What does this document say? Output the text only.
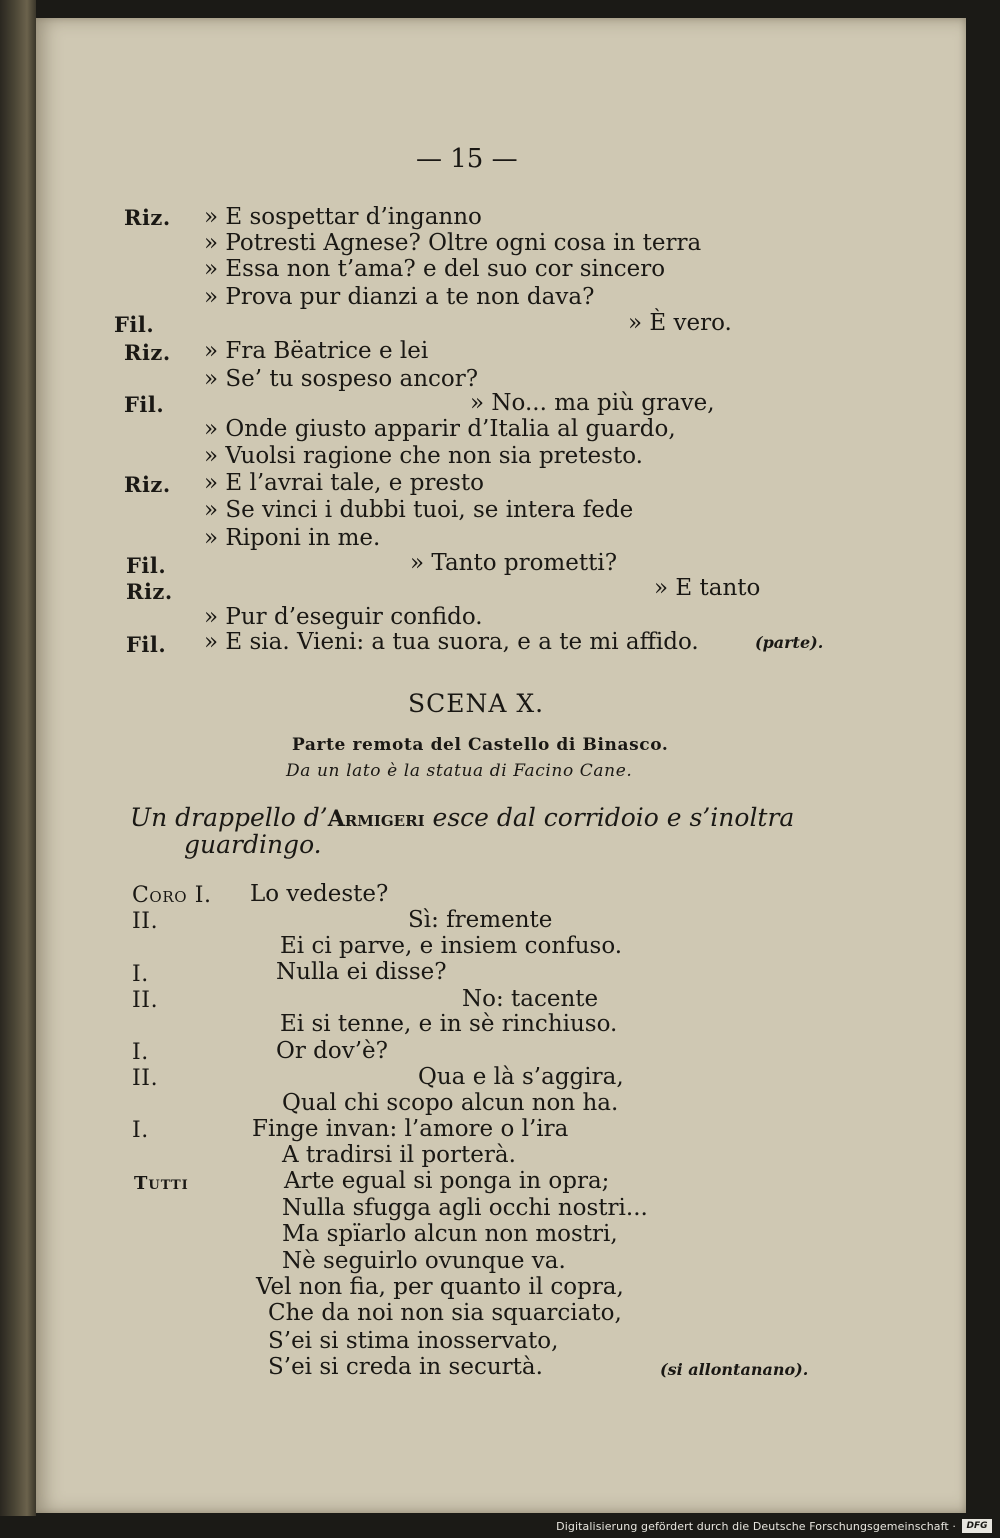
— 15 —
Riz. » E sospettar d’inganno
» Potresti Agnese? Oltre ogni cosa in terra
» Essa non t’ama? e del suo cor sincero
» Prova pur dianzi a te non dava?
Fil.	» È vero.
Riz. » Fra Bëatrice e lei
» Se’ tu sospeso ancor?
Fil.	» No... ma più grave,
» Onde giusto apparir d’Italia al guardo,
» Vuolsi ragione che non sia pretesto.
Riz. » E l’avrai tale, e presto
» Se vinci i dubbi tuoi, se intera fede
» Riponi in me.
Fil.	» Tanto prometti?
Riz.	» E tanto
» Pur d’eseguir confido.
Fil. » E sia. Vieni: a tua suora, e a te mi affido.	(parte).
SCENA X.
Parte remota del Castello di Binasco.
Da un lato è la statua di Facino Cane.
Un drappello d’Armigeri esce dal corridoio e s’inoltra
guardingo.
Coro I. Lo vedeste?
II.	Sì: fremente
Ei ci parve, e insiem confuso.
I.	Nulla ei disse?
II.	No: tacente
Ei si tenne, e in sè rinchiuso.
I.	Or dov’è?
II.	Qua e là s’aggira,
Qual chi scopo alcun non ha.
I.	Finge invan: l’amore o l’ira
A tradirsi il porterà.
Tutti	Arte egual si ponga in opra;
Nulla sfugga agli occhi nostri...
Ma spïarlo alcun non mostri,
Nè seguirlo ovunque va.
Vel non fia, per quanto il copra,
Che da noi non sia squarciato,
S’ei si stima inosservato,
S’ei si creda in securtà.	(si allontanano).
Digitalisierung gefördert durch die Deutsche Forschungsgemeinschaft ·	DFG
